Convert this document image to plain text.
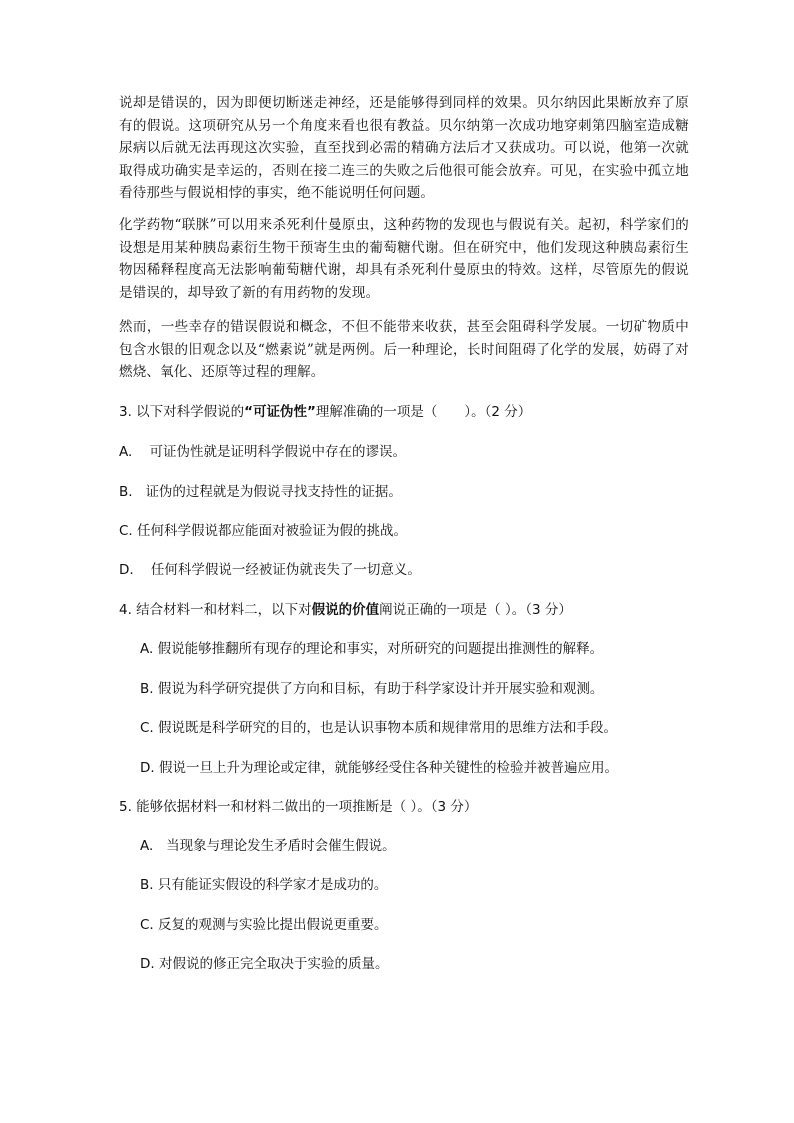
说却是错误的，因为即便切断迷走神经，还是能够得到同样的效果。贝尔纳因此果断放弃了原有的假说。这项研究从另一个角度来看也很有教益。贝尔纳第一次成功地穿刺第四脑室造成糖尿病以后就无法再现这次实验，直至找到必需的精确方法后才又获成功。可以说，他第一次就取得成功确实是幸运的，否则在接二连三的失败之后他很可能会放弃。可见，在实验中孤立地看待那些与假说相悖的事实，绝不能说明任何问题。

化学药物“联脒”可以用来杀死利什曼原虫，这种药物的发现也与假说有关。起初，科学家们的设想是用某种胰岛素衍生物干预寄生虫的葡萄糖代谢。但在研究中，他们发现这种胰岛素衍生物因稀释程度高无法影响葡萄糖代谢，却具有杀死利什曼原虫的特效。这样，尽管原先的假说是错误的，却导致了新的有用药物的发现。

然而，一些幸存的错误假说和概念，不但不能带来收获，甚至会阻碍科学发展。一切矿物质中包含水银的旧观念以及“燃素说”就是两例。后一种理论，长时间阻碍了化学的发展，妨碍了对燃烧、氧化、还原等过程的理解。

3. 以下对科学假说的“可证伪性”理解准确的一项是（　　）。（2 分）

A. 可证伪性就是证明科学假说中存在的谬误。

B. 证伪的过程就是为假说寻找支持性的证据。

C. 任何科学假说都应能面对被验证为假的挑战。

D. 任何科学假说一经被证伪就丧失了一切意义。

4. 结合材料一和材料二，以下对假说的价值阐说正确的一项是（ ）。（3 分）

A. 假说能够推翻所有现存的理论和事实，对所研究的问题提出推测性的解释。

B. 假说为科学研究提供了方向和目标，有助于科学家设计并开展实验和观测。

C. 假说既是科学研究的目的，也是认识事物本质和规律常用的思维方法和手段。

D. 假说一旦上升为理论或定律，就能够经受住各种关键性的检验并被普遍应用。

5. 能够依据材料一和材料二做出的一项推断是（ ）。（3 分）

A. 当现象与理论发生矛盾时会催生假说。

B. 只有能证实假设的科学家才是成功的。

C. 反复的观测与实验比提出假说更重要。

D. 对假说的修正完全取决于实验的质量。
